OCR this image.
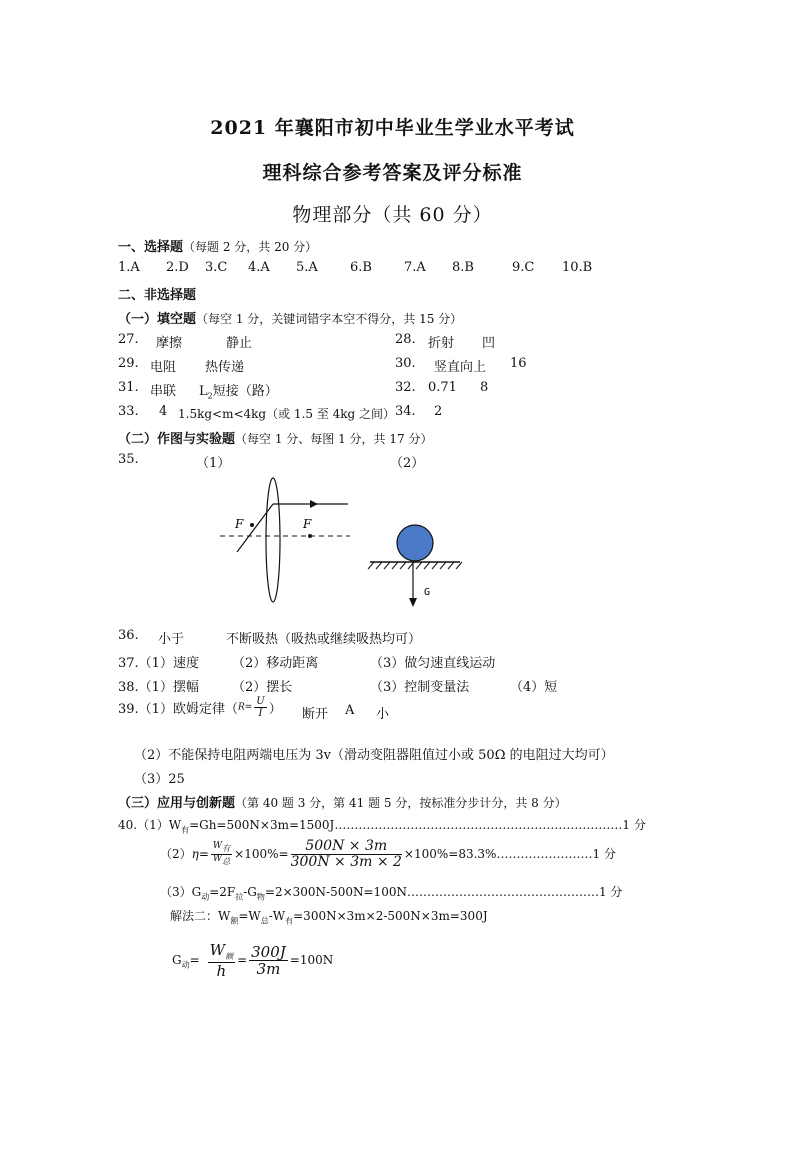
2021 年襄阳市初中毕业生学业水平考试
理科综合参考答案及评分标准
物理部分（共 60 分）
一、选择题（每题 2 分，共 20 分）
1.A 2.D 3.C 4.A 5.A 6.B 7.A 8.B	9.C 10.B
二、非选择题
（一）填空题（每空 1 分，关键词错字本空不得分，共 15 分）
27. 摩擦	静止	28. 折射 凹
29. 电阻 热传递	30. 竖直向上 16
31. 串联 $L_2$短接（路）	32. 0.71 8
33. 4 1.5kg<m<4kg（或 1.5 至 4kg 之间） 34. 2
（二）作图与实验题（每空 1 分、每图 1 分，共 17 分）
35.	（1）	（2）
F	F
G
36. 小于	不断吸热（吸热或继续吸热均可）
37.（1）速度	（2）移动距离	（3）做匀速直线运动
38.（1）摆幅	（2）摆长	（3）控制变量法	（4）短
39.（1）欧姆定律（$R= \frac{U}{I}$ ） 断开 A 小
（2）不能保持电阻两端电压为 3v（滑动变阻器阻值过小或 50Ω 的电阻过大均可）
（3）25
（三）应用与创新题（第 40 题 3 分，第 41 题 5 分，按标准分步计分，共 8 分）
$40.(1)W_有=Gh=500N\times 3m=1500J\dots\dots\dots\dots\dots\dots\dots\dots\dots\dots\dots\dots\dots\dots\dots\dots\dots\dots\dots\dots\dots\dots\dots\dots 1$ 分
$(2)\eta= \frac{W_有}{W_总} \times 100\%= \frac{500N \times 3m}{300N \times 3m \times 2}$ ×100%=83.3%……………………1 分
$(3)G_动=2F_拉-G_物=2\times 300N-500N=100N\dots\dots\dots\dots\dots\dots\dots\dots\dots\dots\dots\dots\dots\dots\dots\dots 1$ 分
解法二：$W_额=W_总-W_有=300N\times 3m\times 2-500N\times 3m=300J$
$G_动= \frac{W_额}{h} = \frac{300J}{3m} =100N$
